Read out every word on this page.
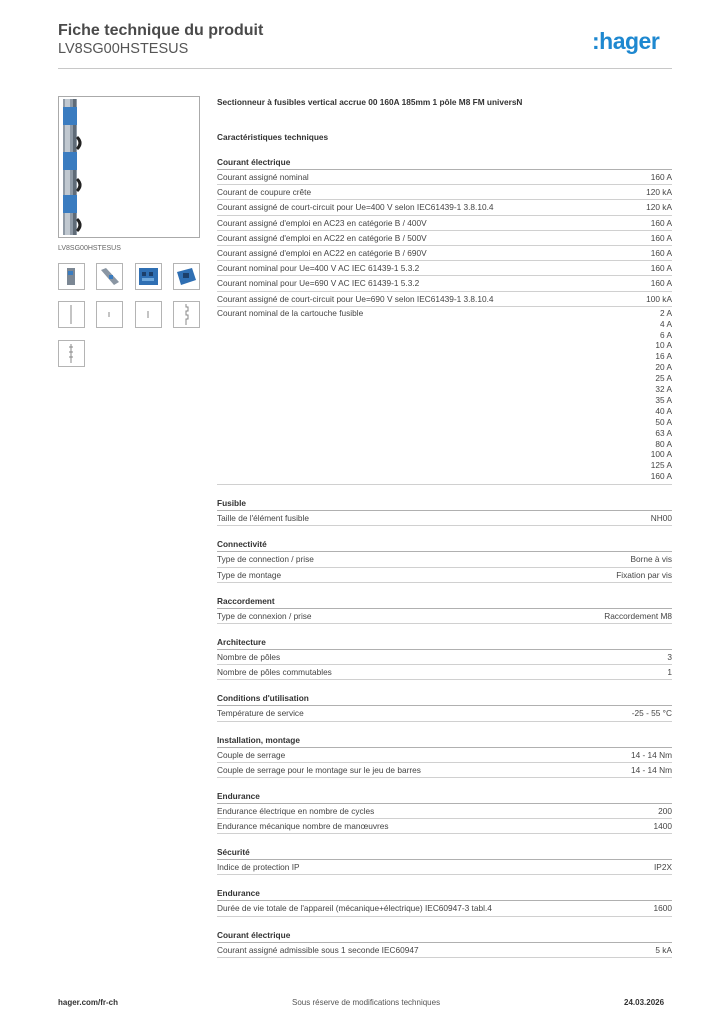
Fiche technique du produit
LV8SG00HSTESUS	:hager
LV8SG00HSTESUS
Sectionneur à fusibles vertical accrue 00 160A 185mm 1 pôle M8 FM universN
Caractéristiques techniques
Courant électrique
Courant assigné nominal	160 A
Courant de coupure crête	120 kA
Courant assigné de court-circuit pour Ue=400 V selon IEC61439-1 3.8.10.4	120 kA
Courant assigné d'emploi en AC23 en catégorie B / 400V	160 A
Courant assigné d'emploi en AC22 en catégorie B / 500V	160 A
Courant assigné d'emploi en AC22 en catégorie B / 690V	160 A
Courant nominal pour Ue=400 V AC IEC 61439-1 5.3.2	160 A
Courant nominal pour Ue=690 V AC IEC 61439-1 5.3.2	160 A
Courant assigné de court-circuit pour Ue=690 V selon IEC61439-1 3.8.10.4	100 kA
Courant nominal de la cartouche fusible	2 A
4 A
6 A
10 A
16 A
20 A
25 A
32 A
35 A
40 A
50 A
63 A
80 A
100 A
125 A
160 A
Fusible
Taille de l'élément fusible	NH00
Connectivité
Type de connection / prise	Borne à vis
Type de montage	Fixation par vis
Raccordement
Type de connexion / prise	Raccordement M8
Architecture
Nombre de pôles	3
Nombre de pôles commutables	1
Conditions d'utilisation
Température de service	-25 - 55 °C
Installation, montage
Couple de serrage	14 - 14 Nm
Couple de serrage pour le montage sur le jeu de barres	14 - 14 Nm
Endurance
Endurance électrique en nombre de cycles	200
Endurance mécanique nombre de manœuvres	1400
Sécurité
Indice de protection IP	IP2X
Endurance
Durée de vie totale de l'appareil (mécanique+électrique) IEC60947-3 tabl.4	1600
Courant électrique
Courant assigné admissible sous 1 seconde IEC60947	5 kA
hager.com/fr-ch	Sous réserve de modifications techniques	24.03.2026
